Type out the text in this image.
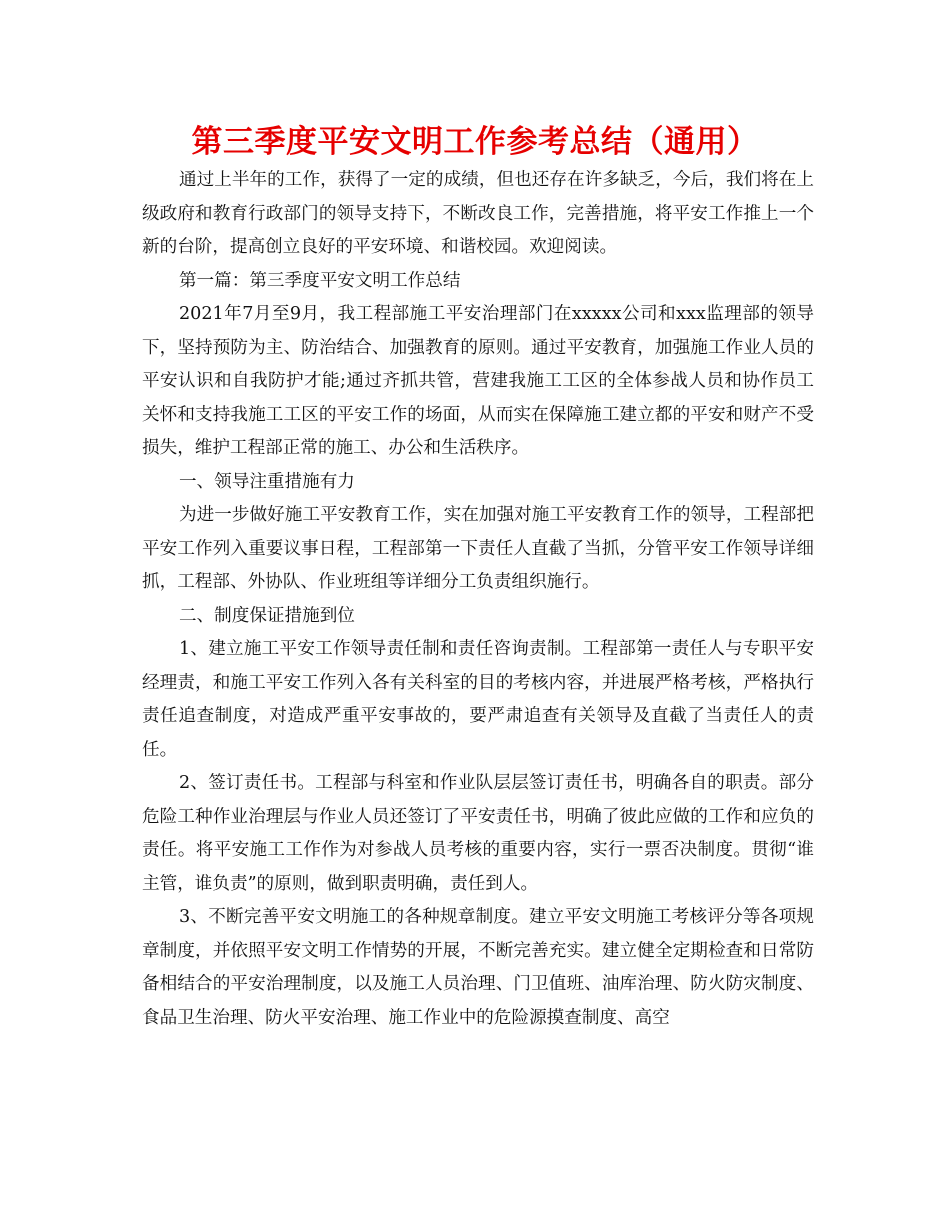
第三季度平安文明工作参考总结（通用）

通过上半年的工作，获得了一定的成绩，但也还存在许多缺乏，今后，我们将在上级政府和教育行政部门的领导支持下，不断改良工作，完善措施，将平安工作推上一个新的台阶，提高创立良好的平安环境、和谐校园。欢迎阅读。

第一篇：第三季度平安文明工作总结

2021年7月至9月，我工程部施工平安治理部门在xxxxx公司和xxx监理部的领导下，坚持预防为主、防治结合、加强教育的原则。通过平安教育，加强施工作业人员的平安认识和自我防护才能;通过齐抓共管，营建我施工工区的全体参战人员和协作员工关怀和支持我施工工区的平安工作的场面，从而实在保障施工建立都的平安和财产不受损失，维护工程部正常的施工、办公和生活秩序。

一、领导注重措施有力

为进一步做好施工平安教育工作，实在加强对施工平安教育工作的领导，工程部把平安工作列入重要议事日程，工程部第一下责任人直截了当抓，分管平安工作领导详细抓，工程部、外协队、作业班组等详细分工负责组织施行。

二、制度保证措施到位

1、建立施工平安工作领导责任制和责任咨询责制。工程部第一责任人与专职平安经理责，和施工平安工作列入各有关科室的目的考核内容，并进展严格考核，严格执行责任追查制度，对造成严重平安事故的，要严肃追查有关领导及直截了当责任人的责任。

2、签订责任书。工程部与科室和作业队层层签订责任书，明确各自的职责。部分危险工种作业治理层与作业人员还签订了平安责任书，明确了彼此应做的工作和应负的责任。将平安施工工作作为对参战人员考核的重要内容，实行一票否决制度。贯彻“谁主管，谁负责”的原则，做到职责明确，责任到人。

3、不断完善平安文明施工的各种规章制度。建立平安文明施工考核评分等各项规章制度，并依照平安文明工作情势的开展，不断完善充实。建立健全定期检查和日常防备相结合的平安治理制度，以及施工人员治理、门卫值班、油库治理、防火防灾制度、食品卫生治理、防火平安治理、施工作业中的危险源摸查制度、高空
